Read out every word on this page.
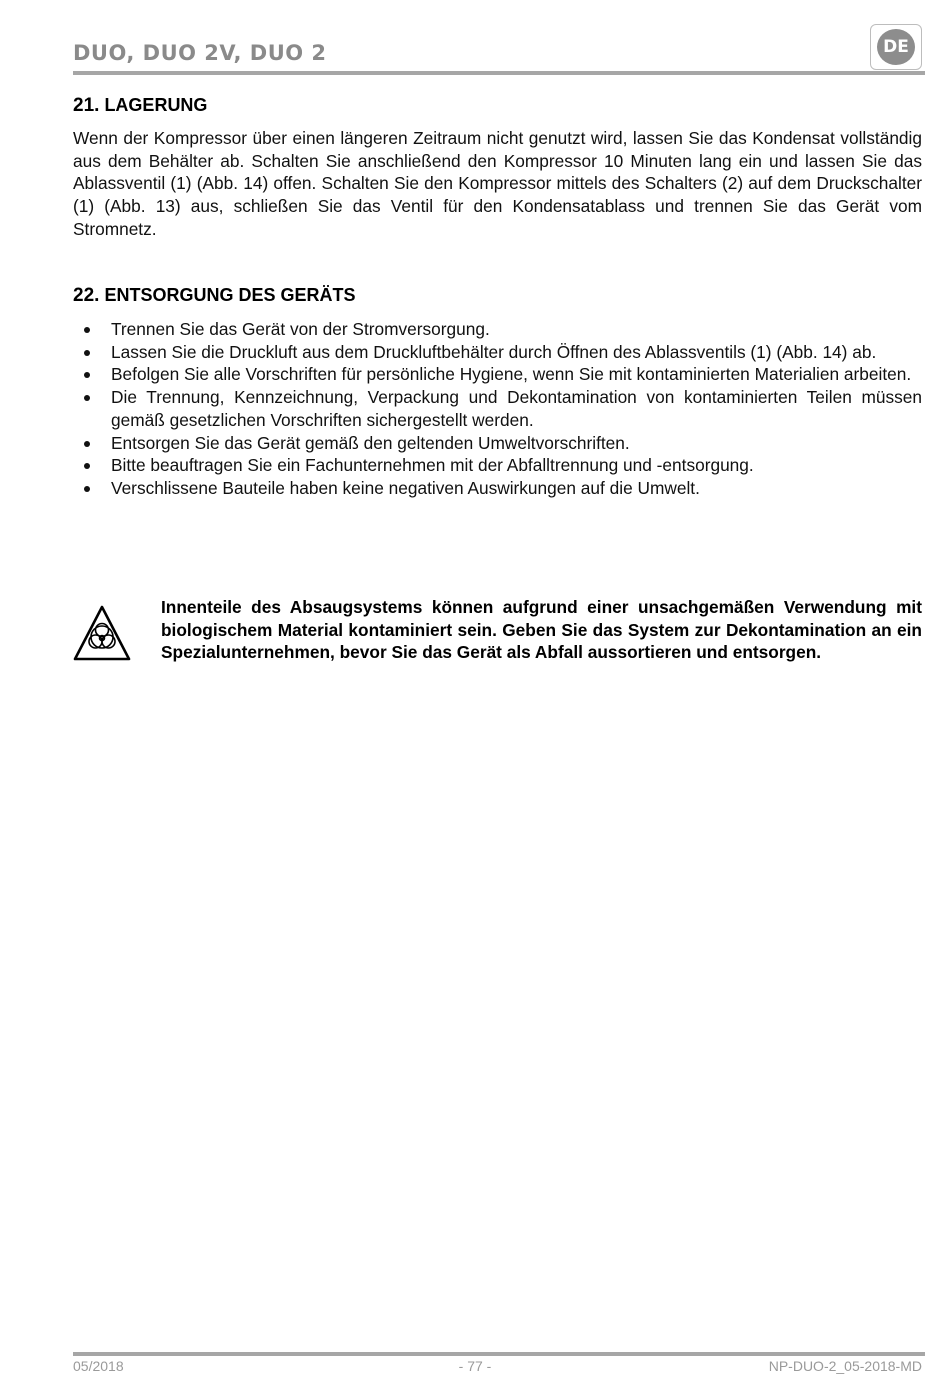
DUO, DUO 2V, DUO 2	DE
21. LAGERUNG

Wenn der Kompressor über einen längeren Zeitraum nicht genutzt wird, lassen Sie das Kondensat vollständig aus dem Behälter ab. Schalten Sie anschließend den Kompressor 10 Minuten lang ein und lassen Sie das Ablassventil (1) (Abb. 14) offen. Schalten Sie den Kompressor mittels des Schalters (2) auf dem Druckschalter (1) (Abb. 13) aus, schließen Sie das Ventil für den Kondensatablass und trennen Sie das Gerät vom Stromnetz.

22. ENTSORGUNG DES GERÄTS
Trennen Sie das Gerät von der Stromversorgung.
Lassen Sie die Druckluft aus dem Druckluftbehälter durch Öffnen des Ablassventils (1) (Abb. 14) ab.
Befolgen Sie alle Vorschriften für persönliche Hygiene, wenn Sie mit kontaminierten Materialien arbeiten.
Die Trennung, Kennzeichnung, Verpackung und Dekontamination von kontaminierten Teilen müssen gemäß gesetzlichen Vorschriften sichergestellt werden.
Entsorgen Sie das Gerät gemäß den geltenden Umweltvorschriften.
Bitte beauftragen Sie ein Fachunternehmen mit der Abfalltrennung und -entsorgung.
Verschlissene Bauteile haben keine negativen Auswirkungen auf die Umwelt.

Innenteile des Absaugsystems können aufgrund einer unsachgemäßen Verwendung mit biologischem Material kontaminiert sein. Geben Sie das System zur Dekontamination an ein Spezialunternehmen, bevor Sie das Gerät als Abfall aussortieren und entsorgen.

05/2018	- 77 -	NP-DUO-2_05-2018-MD
